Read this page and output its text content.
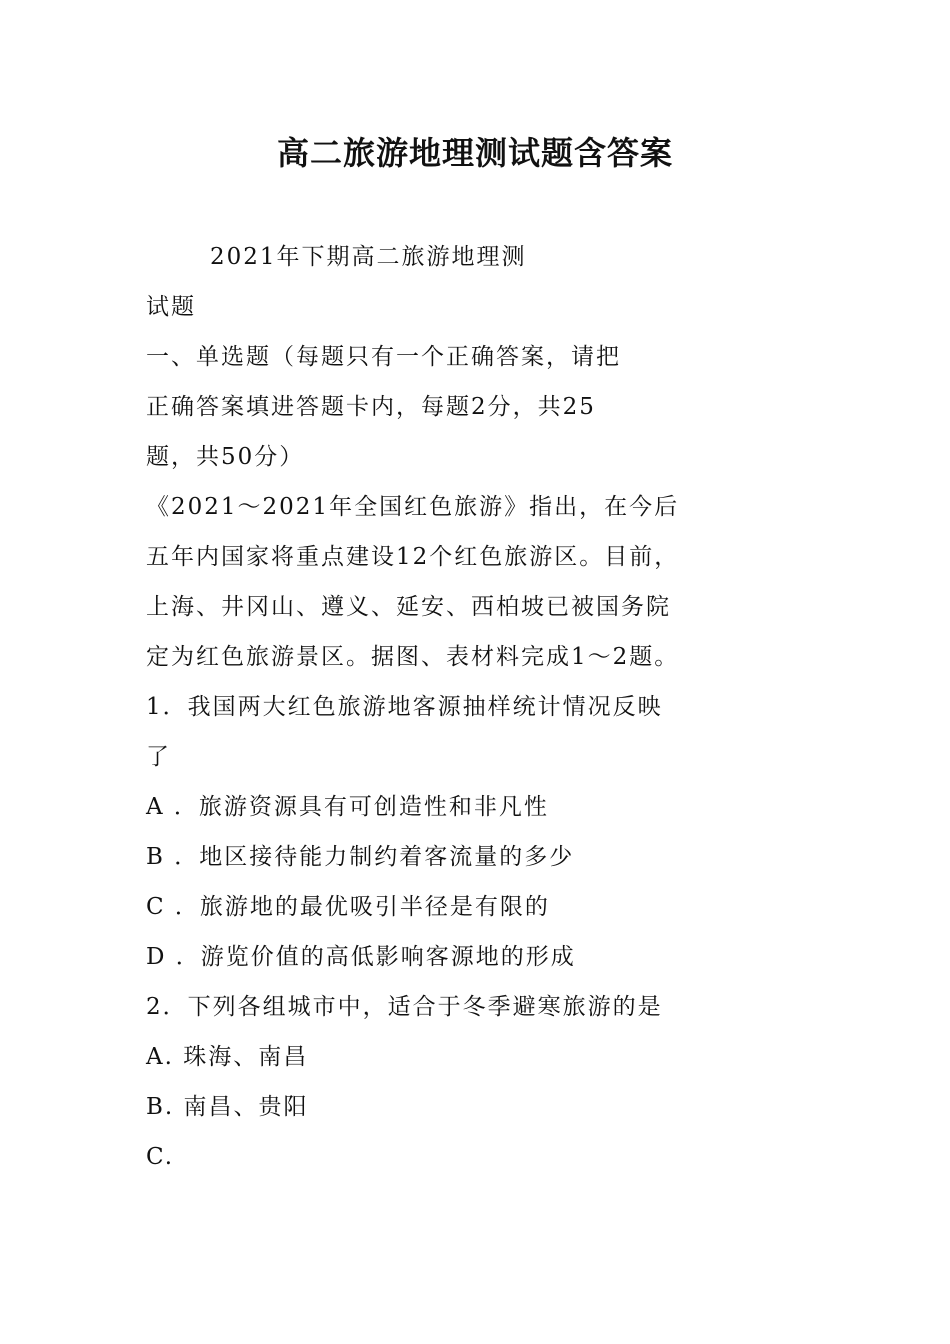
高二旅游地理测试题含答案

2021年下期高二旅游地理测

试题

一、单选题（每题只有一个正确答案，请把

正确答案填进答题卡内，每题2分，共25

题，共50分）

《2021～2021年全国红色旅游》指出，在今后

五年内国家将重点建设12个红色旅游区。目前，

上海、井冈山、遵义、延安、西柏坡已被国务院

定为红色旅游景区。据图、表材料完成1～2题。

1．我国两大红色旅游地客源抽样统计情况反映

了

A ．旅游资源具有可创造性和非凡性

B ．地区接待能力制约着客流量的多少

C ．旅游地的最优吸引半径是有限的

D ．游览价值的高低影响客源地的形成

2．下列各组城市中，适合于冬季避寒旅游的是

A. 珠海、南昌

B. 南昌、贵阳

C.
